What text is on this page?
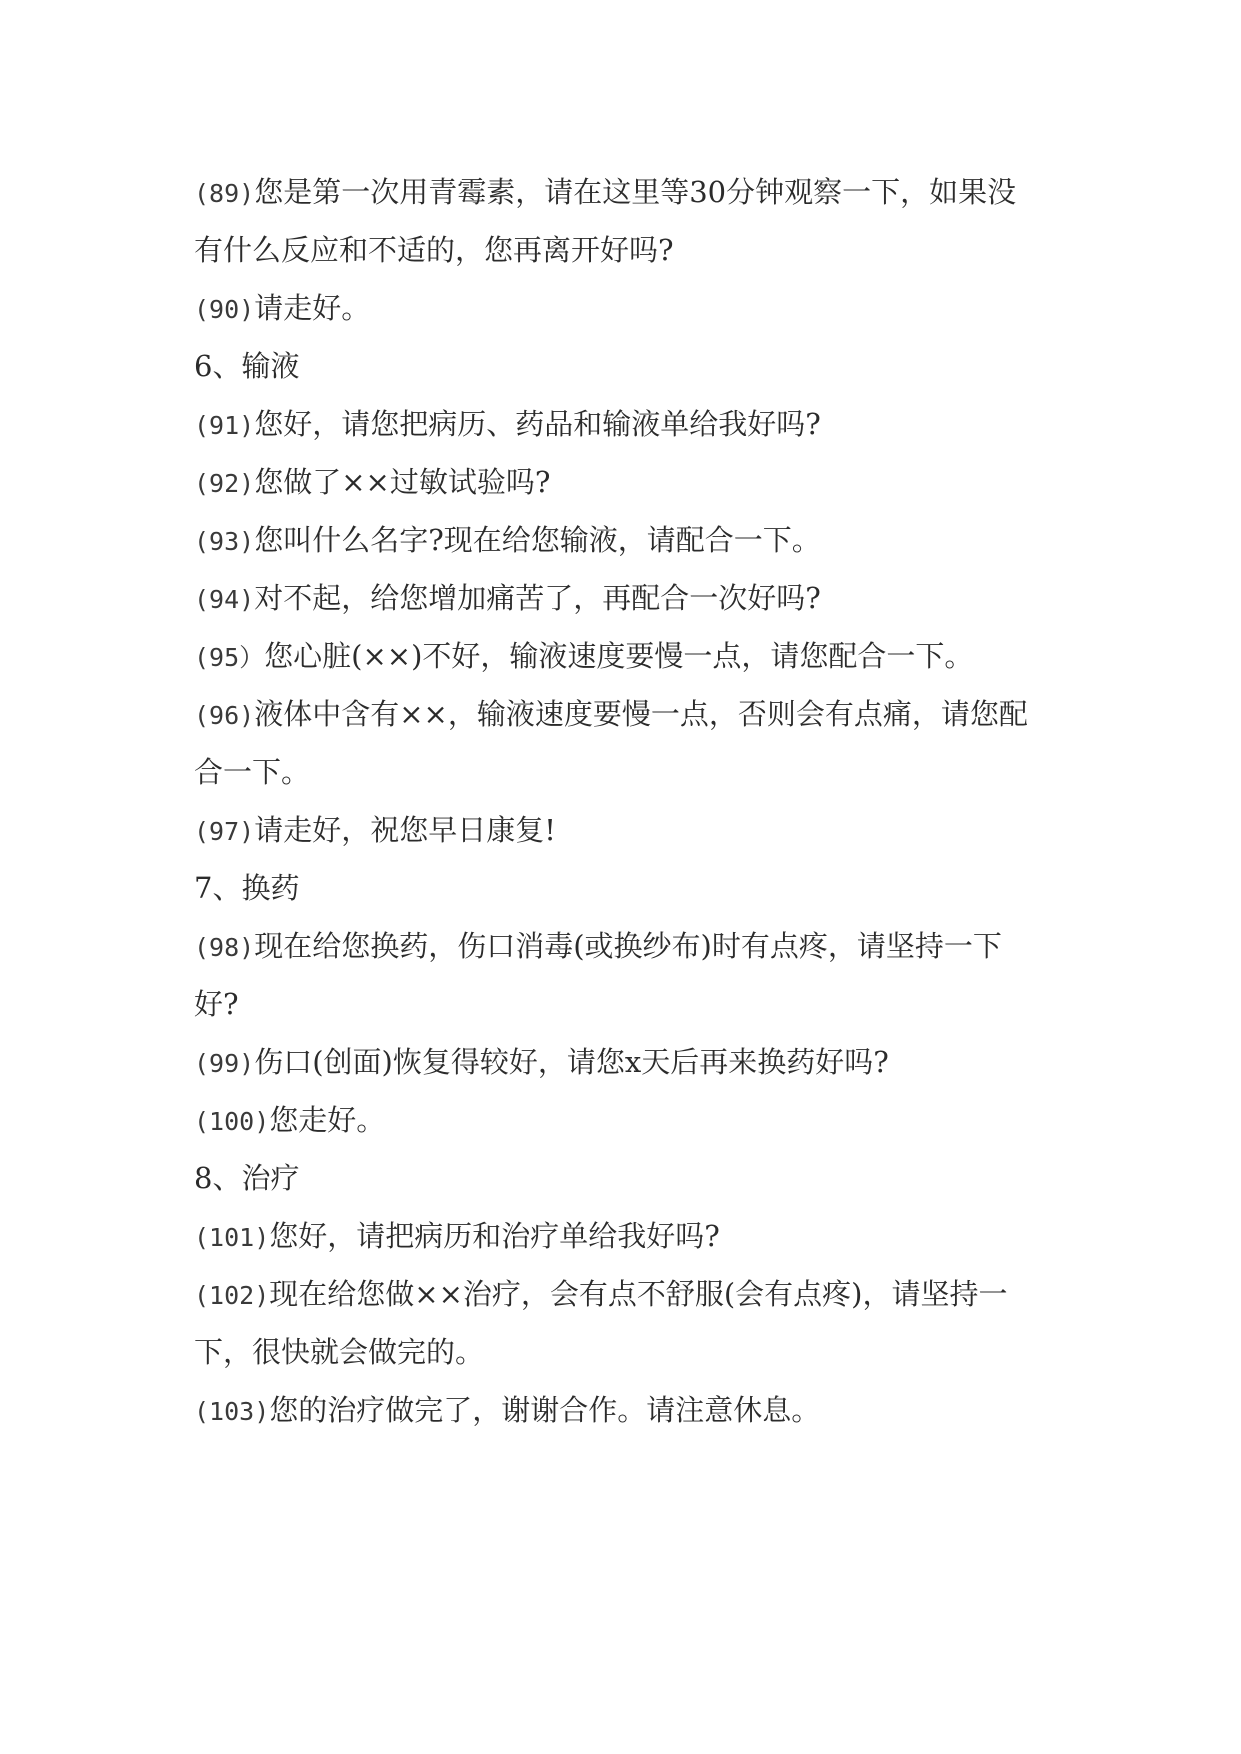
(89)您是第一次用青霉素，请在这里等30分钟观察一下，如果没

有什么反应和不适的，您再离开好吗?

(90)请走好。

6、输液

(91)您好，请您把病历、药品和输液单给我好吗?

(92)您做了××过敏试验吗?

(93)您叫什么名字?现在给您输液，请配合一下。

(94)对不起，给您增加痛苦了，再配合一次好吗?

(95）您心脏(××)不好，输液速度要慢一点，请您配合一下。

(96)液体中含有××，输液速度要慢一点，否则会有点痛，请您配

合一下。

(97)请走好，祝您早日康复!

7、换药

(98)现在给您换药，伤口消毒(或换纱布)时有点疼，请坚持一下

好?

(99)伤口(创面)恢复得较好，请您x天后再来换药好吗?

(100)您走好。

8、治疗

(101)您好，请把病历和治疗单给我好吗?

(102)现在给您做××治疗，会有点不舒服(会有点疼)，请坚持一

下，很快就会做完的。

(103)您的治疗做完了，谢谢合作。请注意休息。
